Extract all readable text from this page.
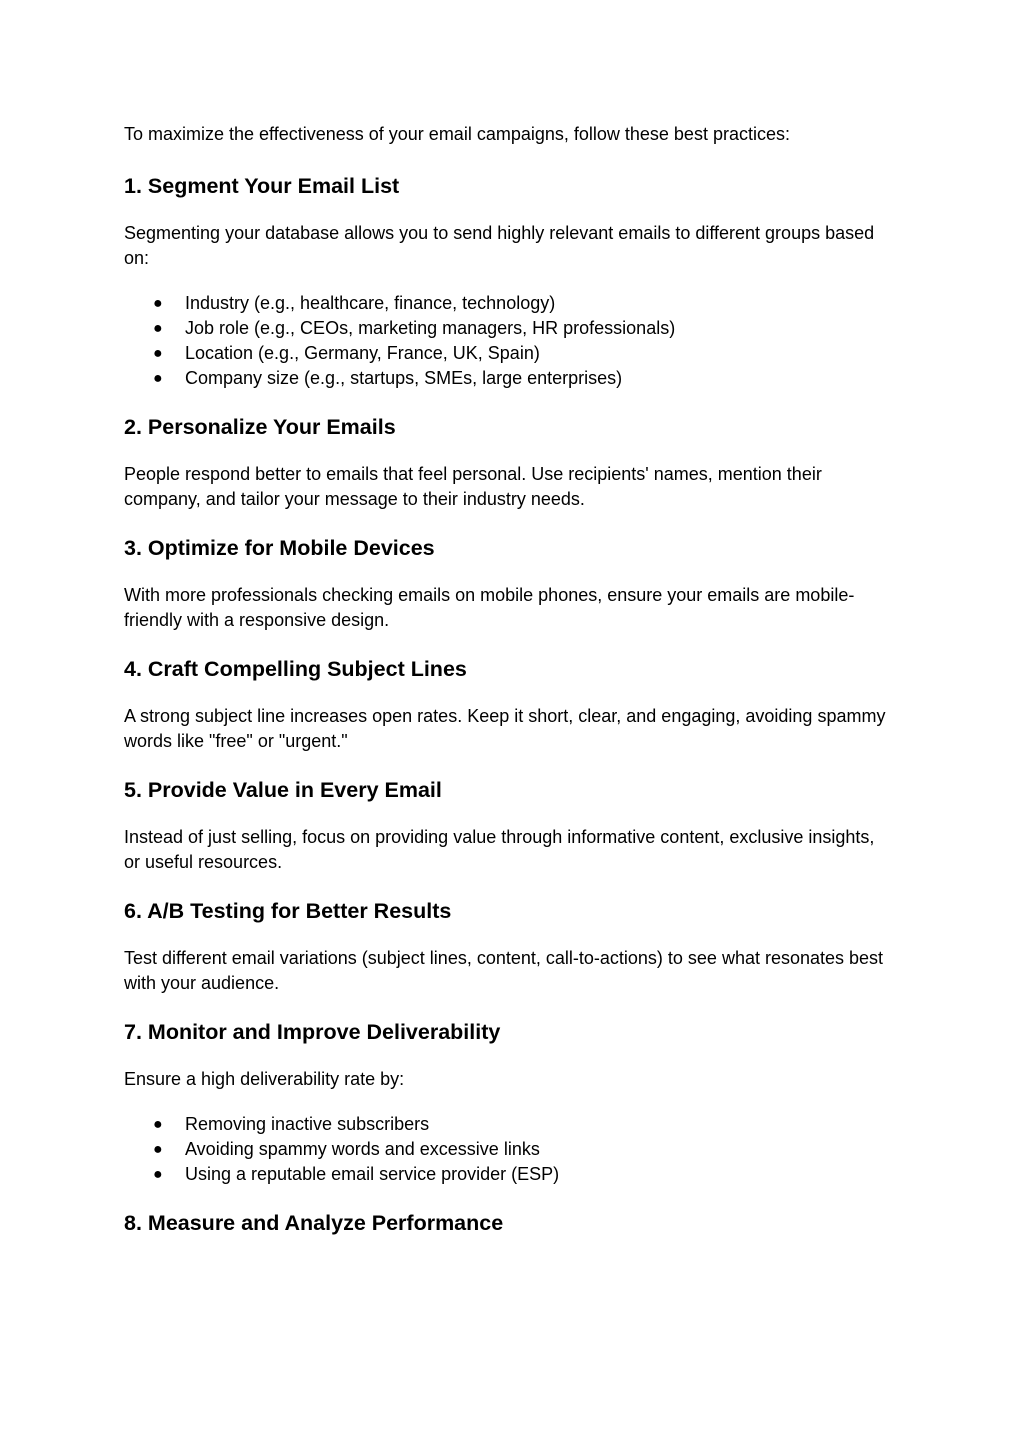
To maximize the effectiveness of your email campaigns, follow these best practices:

1. Segment Your Email List

Segmenting your database allows you to send highly relevant emails to different groups based on:

● Industry (e.g., healthcare, finance, technology)
● Job role (e.g., CEOs, marketing managers, HR professionals)
● Location (e.g., Germany, France, UK, Spain)
● Company size (e.g., startups, SMEs, large enterprises)
2. Personalize Your Emails

People respond better to emails that feel personal. Use recipients' names, mention their company, and tailor your message to their industry needs.

3. Optimize for Mobile Devices

With more professionals checking emails on mobile phones, ensure your emails are mobile-friendly with a responsive design.

4. Craft Compelling Subject Lines

A strong subject line increases open rates. Keep it short, clear, and engaging, avoiding spammy words like "free" or "urgent."

5. Provide Value in Every Email

Instead of just selling, focus on providing value through informative content, exclusive insights, or useful resources.

6. A/B Testing for Better Results

Test different email variations (subject lines, content, call-to-actions) to see what resonates best with your audience.

7. Monitor and Improve Deliverability

Ensure a high deliverability rate by:

● Removing inactive subscribers
● Avoiding spammy words and excessive links
● Using a reputable email service provider (ESP)
8. Measure and Analyze Performance
